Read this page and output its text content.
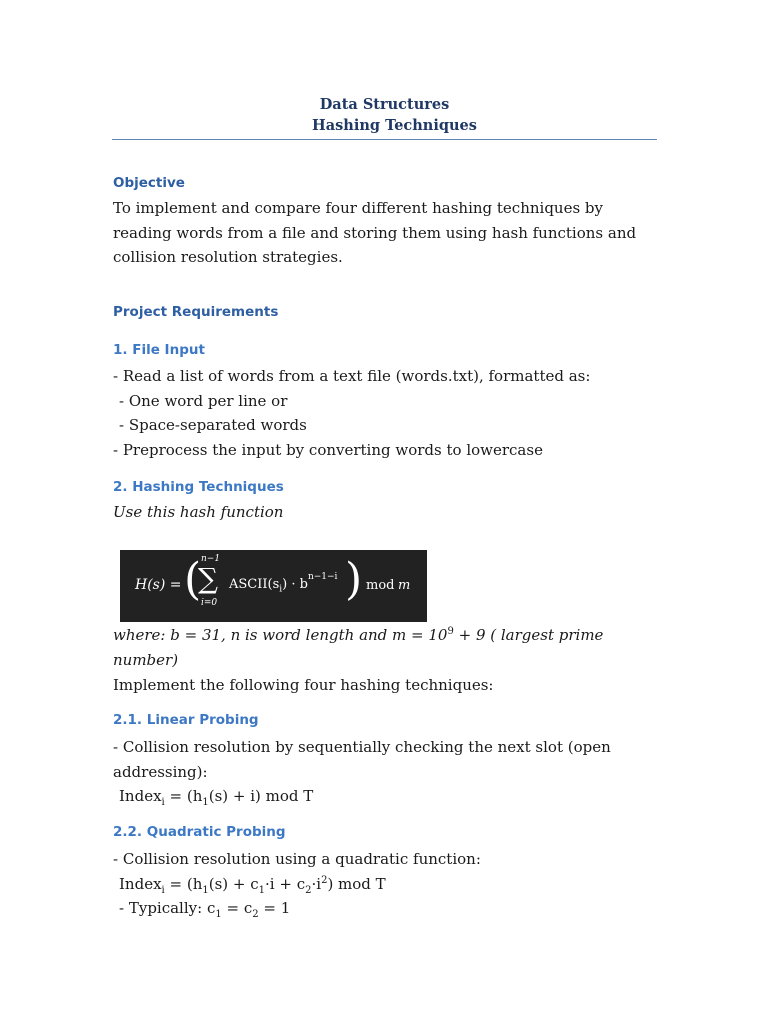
Data Structures
Hashing Techniques
Objective
To implement and compare four different hashing techniques by
reading words from a file and storing them using hash functions and
collision resolution strategies.
Project Requirements
1. File Input
- Read a list of words from a text file (words.txt), formatted as:
- One word per line or
- Space-separated words
- Preprocess the input by converting words to lowercase
2. Hashing Techniques
Use this hash function
H(s) = ( n−1
∑
i=0
$ASCII(s_i) \cdot b^{n-1-i}$ ) mod m
where: b = 31, n is word length and $m = 10^9 + 9$ ( largest prime number)
Implement the following four hashing techniques:
2.1. Linear Probing
- Collision resolution by sequentially checking the next slot (open
addressing):
Index$_i$ = $(h_1(s) + i)$ mod T
2.2. Quadratic Probing
- Collision resolution using a quadratic function:
Index$_i$ = $(h_1(s) + c_1\cdot i + c_2\cdot i^2)$ mod T
- Typically: $c_1 = c_2 = 1$
